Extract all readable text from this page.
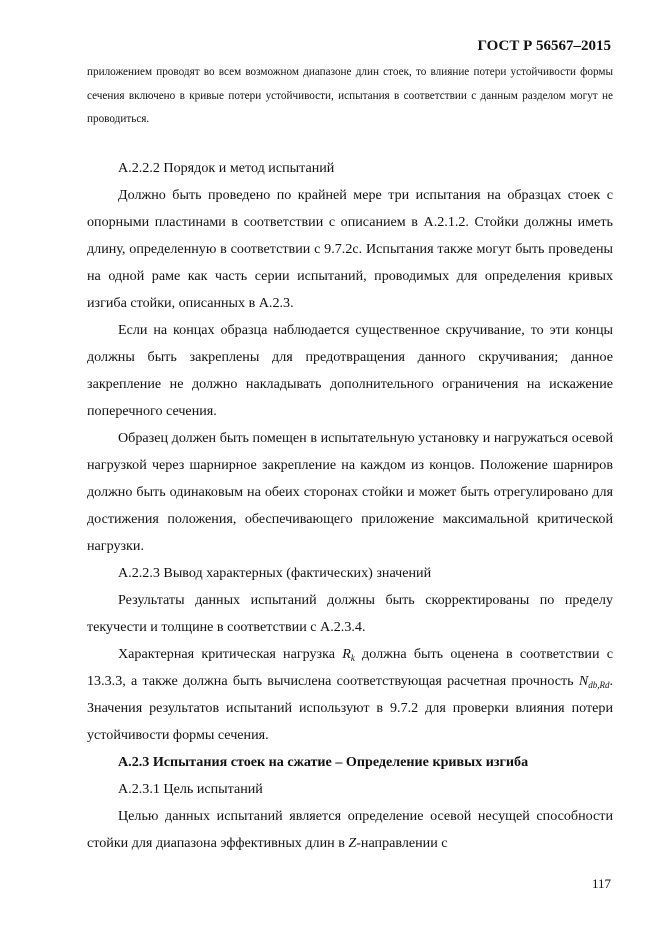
ГОСТ Р 56567–2015
приложением проводят во всем возможном диапазоне длин стоек, то влияние потери устойчивости формы сечения включено в кривые потери устойчивости, испытания в соответствии с данным разделом могут не проводиться.

А.2.2.2 Порядок и метод испытаний

Должно быть проведено по крайней мере три испытания на образцах стоек с опорными пластинами в соответствии с описанием в А.2.1.2. Стойки должны иметь длину, определенную в соответствии с 9.7.2с. Испытания также могут быть проведены на одной раме как часть серии испытаний, проводимых для определения кривых изгиба стойки, описанных в А.2.3.

Если на концах образца наблюдается существенное скручивание, то эти концы должны быть закреплены для предотвращения данного скручивания; данное закрепление не должно накладывать дополнительного ограничения на искажение поперечного сечения.

Образец должен быть помещен в испытательную установку и нагружаться осевой нагрузкой через шарнирное закрепление на каждом из концов. Положение шарниров должно быть одинаковым на обеих сторонах стойки и может быть отрегулировано для достижения положения, обеспечивающего приложение максимальной критической нагрузки.

А.2.2.3 Вывод характерных (фактических) значений

Результаты данных испытаний должны быть скорректированы по пределу текучести и толщине в соответствии с А.2.3.4.

Характерная критическая нагрузка $R_k$ должна быть оценена в соответствии с 13.3.3, а также должна быть вычислена соответствующая расчетная прочность $N_{db,Rd}$. Значения результатов испытаний используют в 9.7.2 для проверки влияния потери устойчивости формы сечения.

А.2.3 Испытания стоек на сжатие – Определение кривых изгиба

А.2.3.1 Цель испытаний

Целью данных испытаний является определение осевой несущей способности стойки для диапазона эффективных длин в Z-направлении с

117
